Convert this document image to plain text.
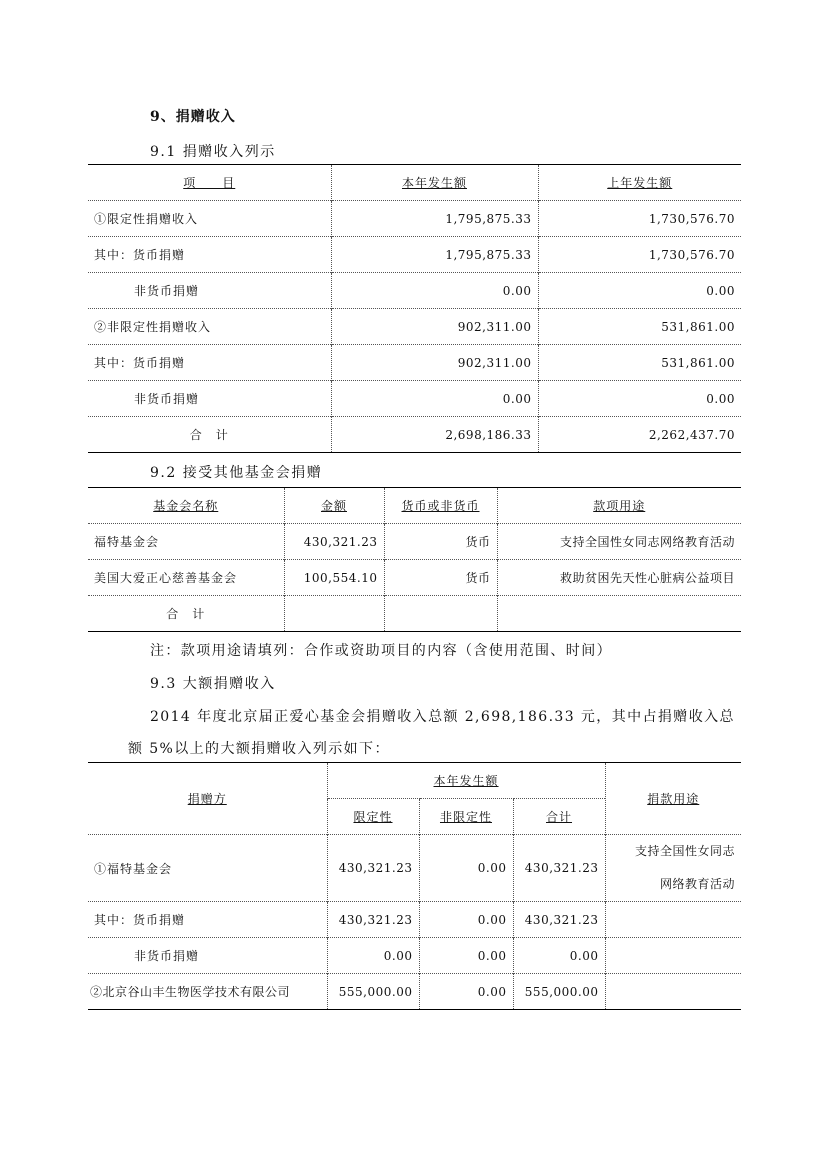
9、捐赠收入
9.1 捐赠收入列示
项　　目	本年发生额	上年发生额
①限定性捐赠收入	1,795,875.33	1,730,576.70
其中：货币捐赠	1,795,875.33	1,730,576.70
非货币捐赠	0.00	0.00
②非限定性捐赠收入	902,311.00	531,861.00
其中：货币捐赠	902,311.00	531,861.00
非货币捐赠	0.00	0.00
合　计	2,698,186.33	2,262,437.70
9.2 接受其他基金会捐赠
基金会名称	金额	货币或非货币	款项用途
福特基金会	430,321.23	货币	支持全国性女同志网络教育活动
美国大爱正心慈善基金会	100,554.10	货币	救助贫困先天性心脏病公益项目
合　计			
注：款项用途请填列：合作或资助项目的内容（含使用范围、时间）
9.3 大额捐赠收入
2014 年度北京届正爱心基金会捐赠收入总额 2,698,186.33 元，其中占捐赠收入总
额 5%以上的大额捐赠收入列示如下：
捐赠方	本年发生额			捐款用途
	限定性	非限定性	合计	
①福特基金会	430,321.23	0.00	430,321.23	支持全国性女同志
网络教育活动
其中：货币捐赠	430,321.23	0.00	430,321.23	
非货币捐赠	0.00	0.00	0.00	
②北京谷山丰生物医学技术有限公司	555,000.00	0.00	555,000.00	
